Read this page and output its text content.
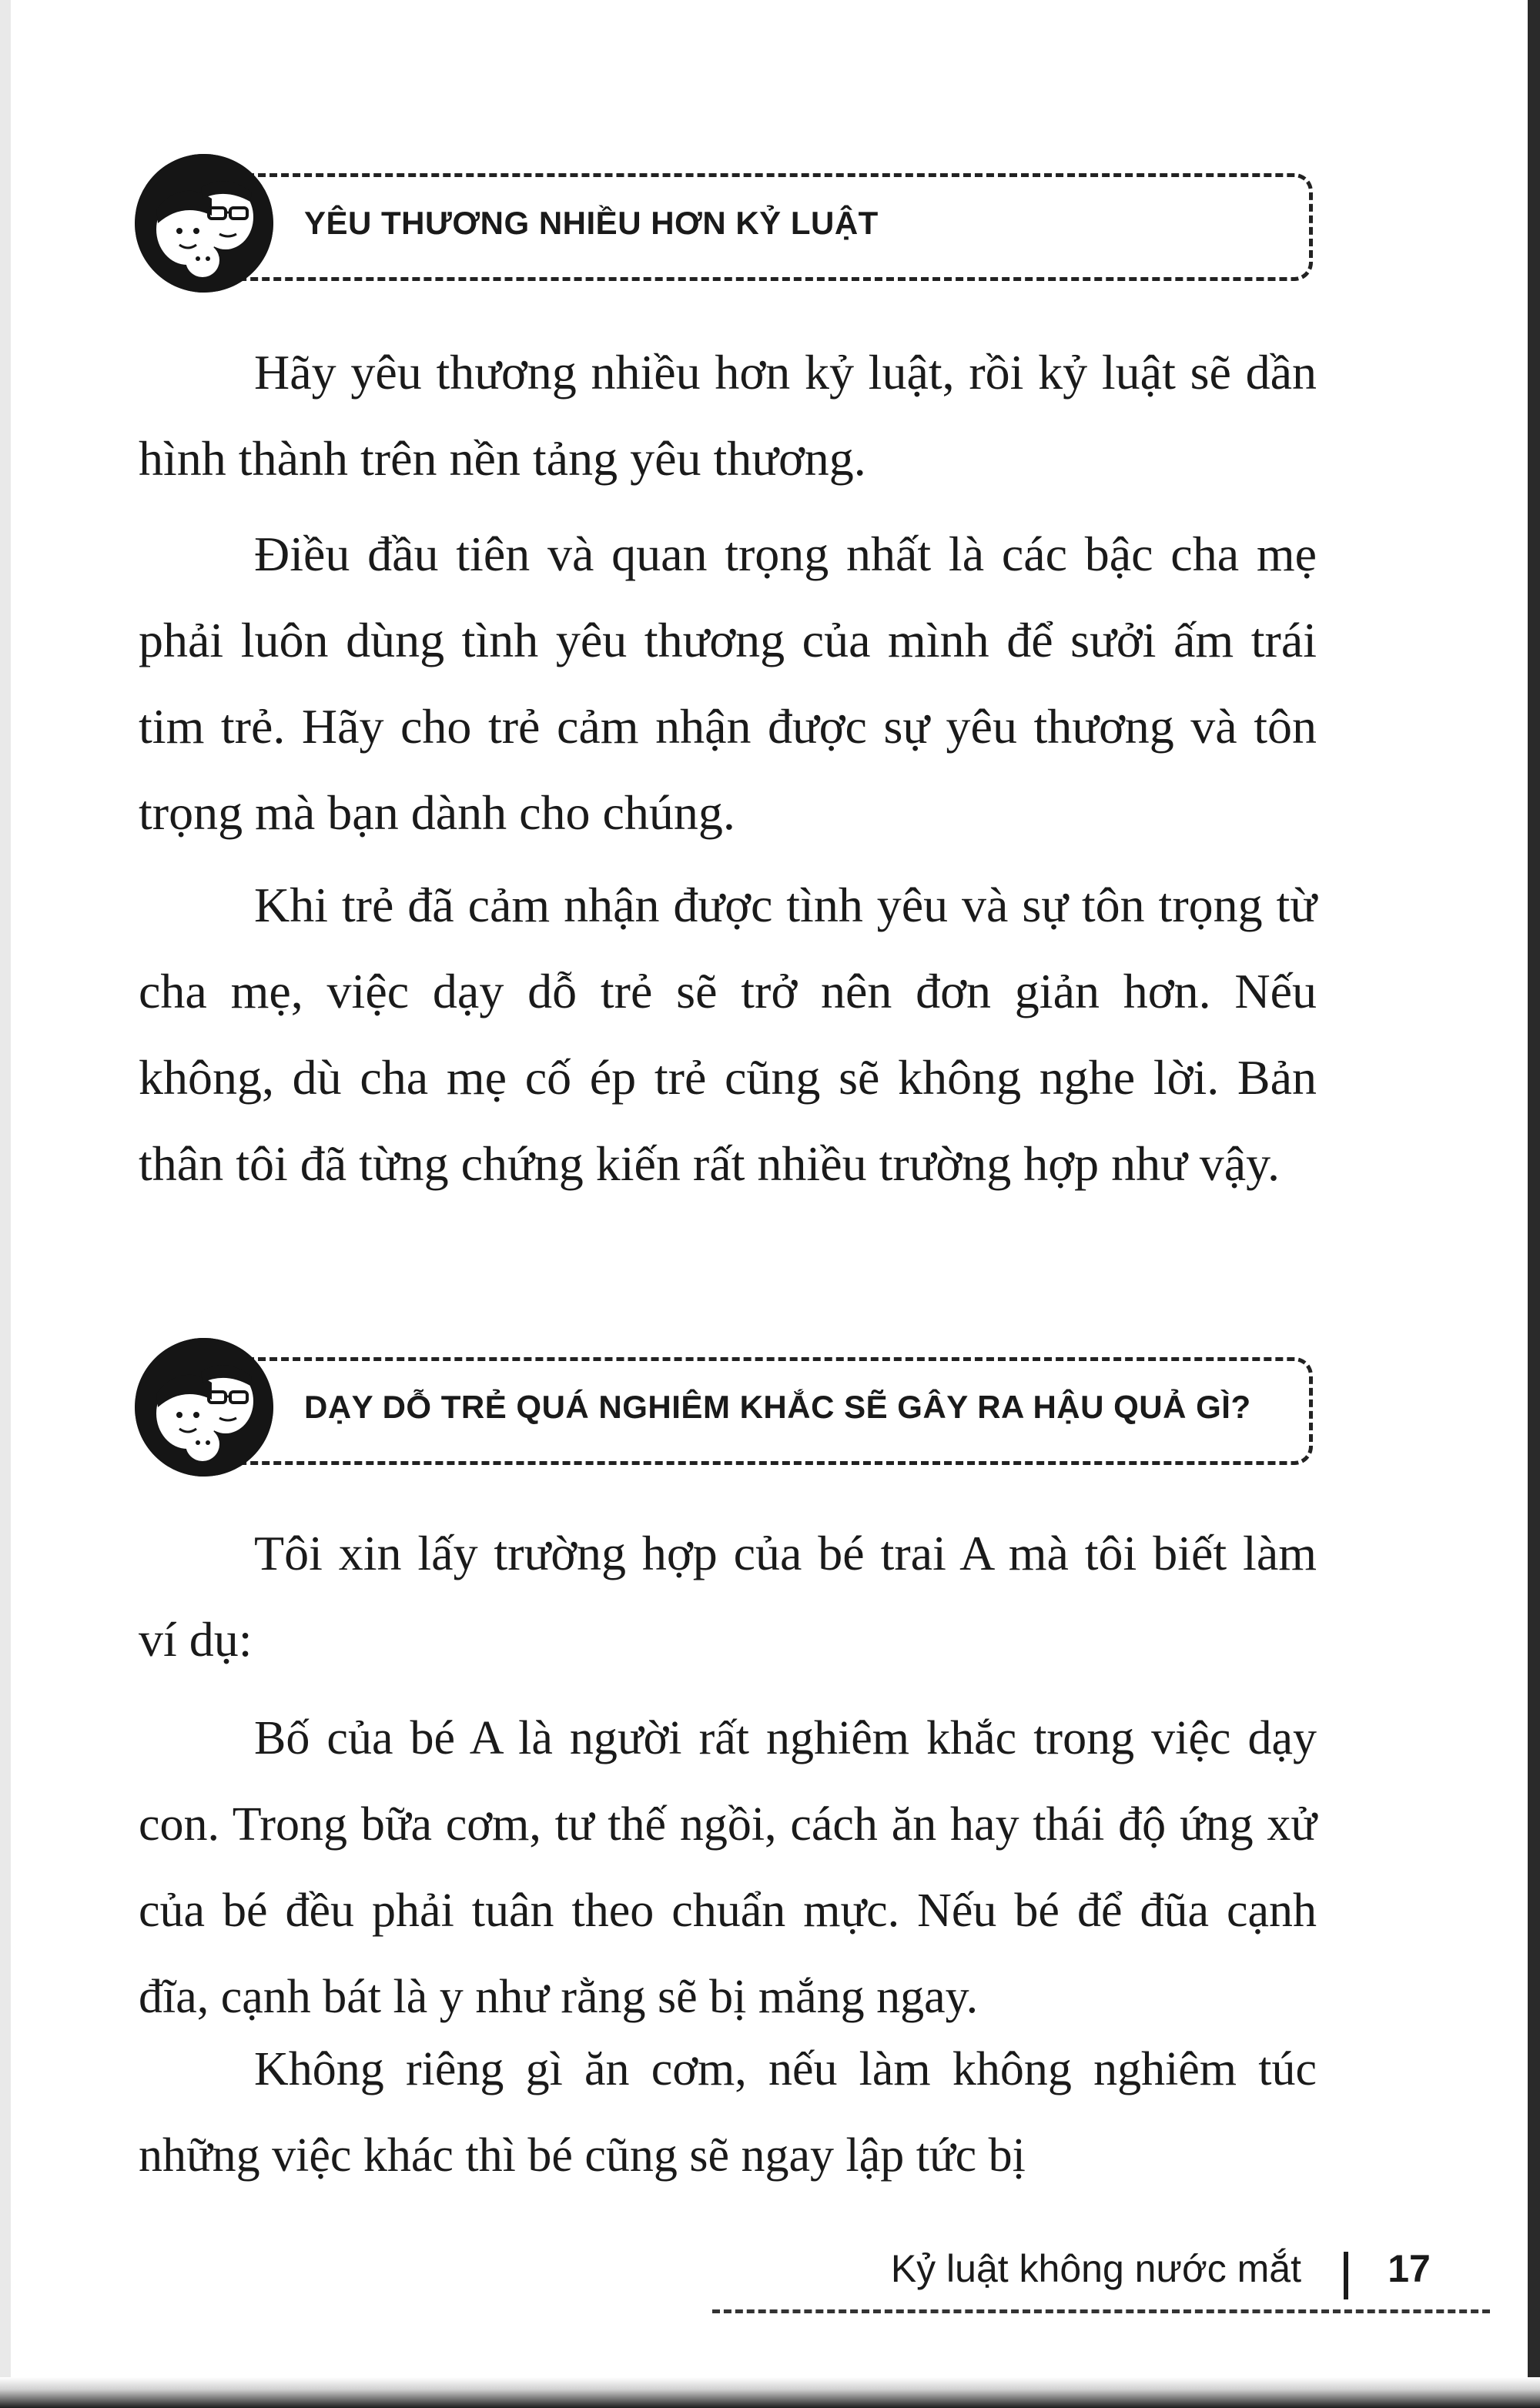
YÊU THƯƠNG NHIỀU HƠN KỶ LUẬT

Hãy yêu thương nhiều hơn kỷ luật, rồi kỷ luật sẽ dần hình thành trên nền tảng yêu thương.

Điều đầu tiên và quan trọng nhất là các bậc cha mẹ phải luôn dùng tình yêu thương của mình để sưởi ấm trái tim trẻ. Hãy cho trẻ cảm nhận được sự yêu thương và tôn trọng mà bạn dành cho chúng.

Khi trẻ đã cảm nhận được tình yêu và sự tôn trọng từ cha mẹ, việc dạy dỗ trẻ sẽ trở nên đơn giản hơn. Nếu không, dù cha mẹ cố ép trẻ cũng sẽ không nghe lời. Bản thân tôi đã từng chứng kiến rất nhiều trường hợp như vậy.

DẠY DỖ TRẺ QUÁ NGHIÊM KHẮC SẼ GÂY RA HẬU QUẢ GÌ?

Tôi xin lấy trường hợp của bé trai A mà tôi biết làm ví dụ:

Bố của bé A là người rất nghiêm khắc trong việc dạy con. Trong bữa cơm, tư thế ngồi, cách ăn hay thái độ ứng xử của bé đều phải tuân theo chuẩn mực. Nếu bé để đũa cạnh đĩa, cạnh bát là y như rằng sẽ bị mắng ngay.

Không riêng gì ăn cơm, nếu làm không nghiêm túc những việc khác thì bé cũng sẽ ngay lập tức bị

Kỷ luật không nước mắt	17
